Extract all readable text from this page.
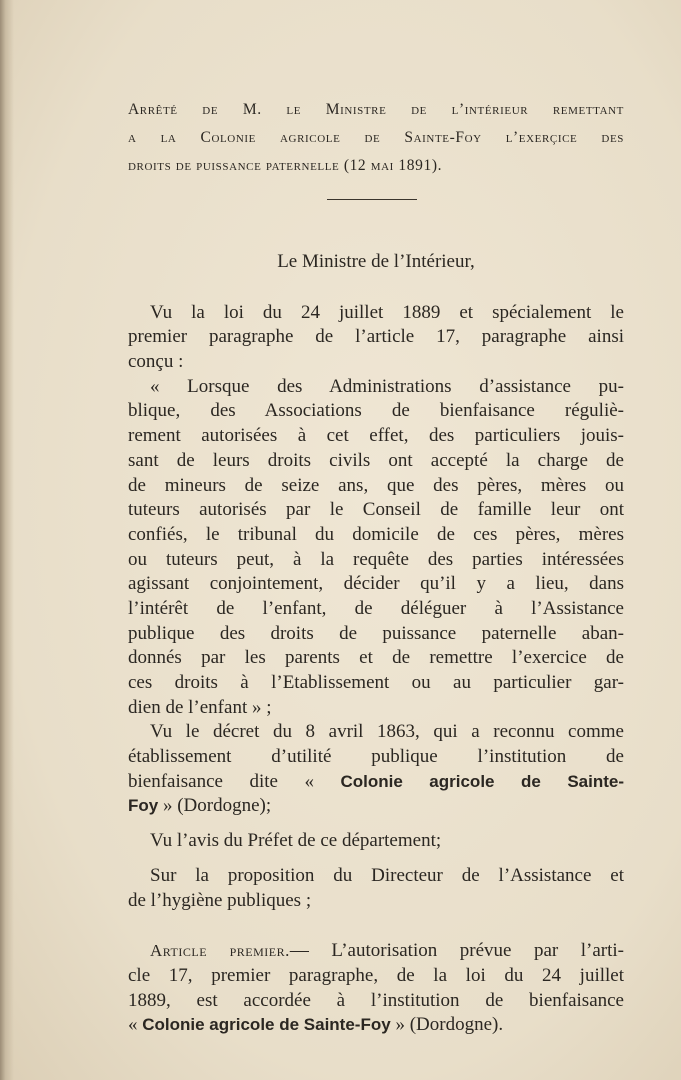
Arrêté de M. le Ministre de l’intérieur remettant
a la Colonie agricole de Sainte-Foy l’exerçice des
droits de puissance paternelle (12 mai 1891).
Le Ministre de l’Intérieur,
Vu la loi du 24 juillet 1889 et spécialement le
premier paragraphe de l’article 17, paragraphe ainsi
conçu :
« Lorsque des Administrations d’assistance pu-
blique, des Associations de bienfaisance réguliè-
rement autorisées à cet effet, des particuliers jouis-
sant de leurs droits civils ont accepté la charge de
de mineurs de seize ans, que des pères, mères ou
tuteurs autorisés par le Conseil de famille leur ont
confiés, le tribunal du domicile de ces pères, mères
ou tuteurs peut, à la requête des parties intéressées
agissant conjointement, décider qu’il y a lieu, dans
l’intérêt de l’enfant, de déléguer à l’Assistance
publique des droits de puissance paternelle aban-
donnés par les parents et de remettre l’exercice de
ces droits à l’Etablissement ou au particulier gar-
dien de l’enfant » ;
Vu le décret du 8 avril 1863, qui a reconnu comme
établissement d’utilité publique l’institution de
bienfaisance dite « Colonie agricole de Sainte-
Foy » (Dordogne);
Vu l’avis du Préfet de ce département;
Sur la proposition du Directeur de l’Assistance et
de l’hygiène publiques ;
Article premier.— L’autorisation prévue par l’arti-
cle 17, premier paragraphe, de la loi du 24 juillet
1889, est accordée à l’institution de bienfaisance
« Colonie agricole de Sainte-Foy » (Dordogne).
